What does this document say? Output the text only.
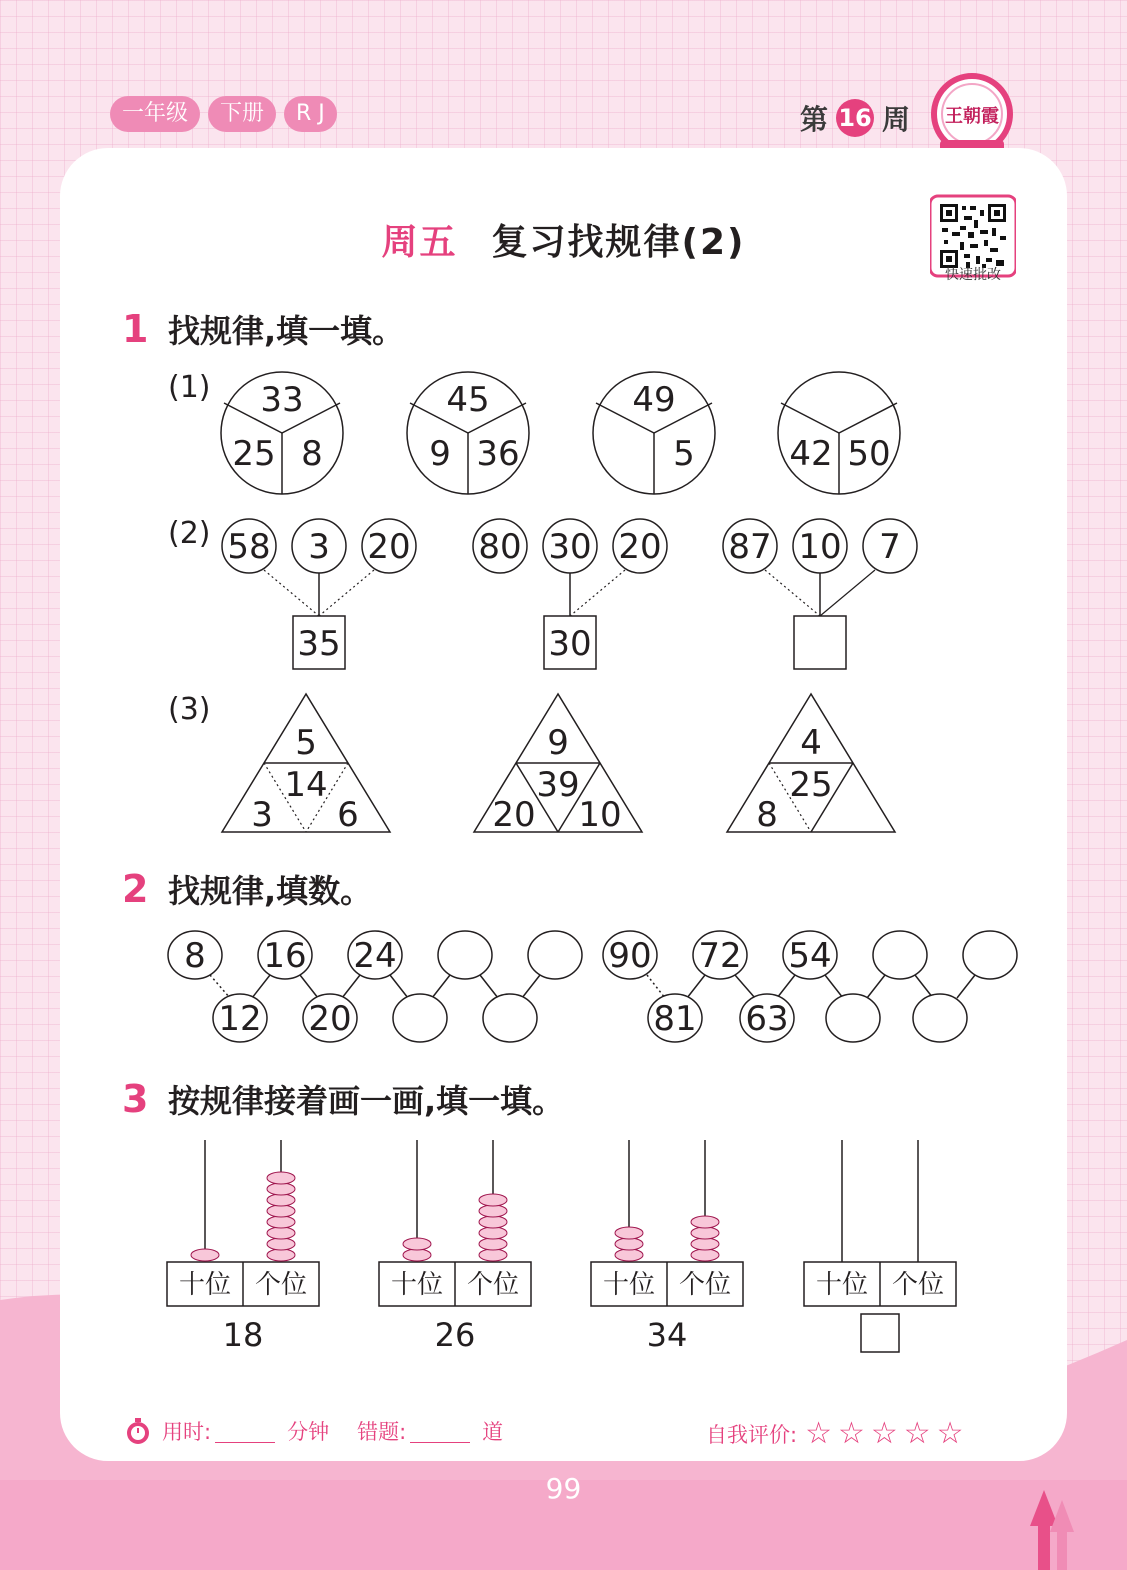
一年级	下册	R J	第 16 周 王朝霞
快速批改
周五 复习找规律(2)
1 找规律,填一填。
(1)
(2)
(3)
33
25 8
45
9 36
49
5	42 50
58 3 20
35
80 30 20
30
87 10 7
5
14
3 6
9
39
20 10
4
25
8
2 找规律,填数。
8 16 24
12 20
90 72 54
81 63
3 按规律接着画一画,填一填。
十位 个位
18
十位 个位
26
十位 个位
34
十位 个位
用时:	分钟 错题:	道	自我评价: ☆☆☆☆☆
99
